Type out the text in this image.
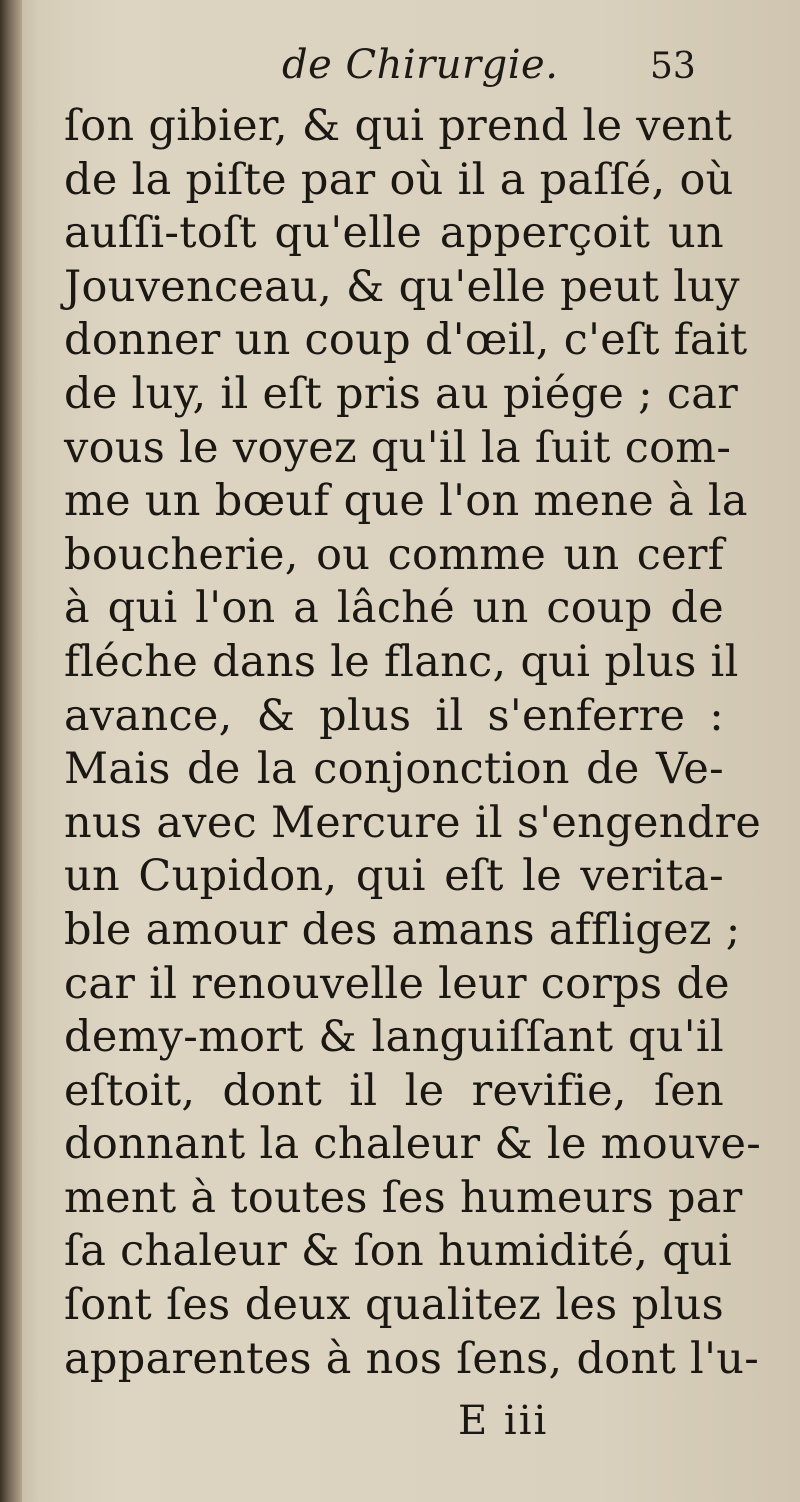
de Chirurgie.	53
ſon gibier, & qui prend le vent
de la piſte par où il a paſſé, où
auſſi-toſt qu'elle apperçoit un
Jouvenceau, & qu'elle peut luy
donner un coup d'œil, c'eſt fait
de luy, il eſt pris au piége ; car
vous le voyez qu'il la ſuit com-
me un bœuf que l'on mene à la
boucherie, ou comme un cerf
à qui l'on a lâché un coup de
fléche dans le flanc, qui plus il
avance, & plus il s'enferre :
Mais de la conjonction de Ve-
nus avec Mercure il s'engendre
un Cupidon, qui eſt le verita-
ble amour des amans affligez ;
car il renouvelle leur corps de
demy-mort & languiſſant qu'il
eſtoit, dont il le revifie, ſen
donnant la chaleur & le mouve-
ment à toutes ſes humeurs par
ſa chaleur & ſon humidité, qui
ſont ſes deux qualitez les plus
apparentes à nos ſens, dont l'u-
E iii
